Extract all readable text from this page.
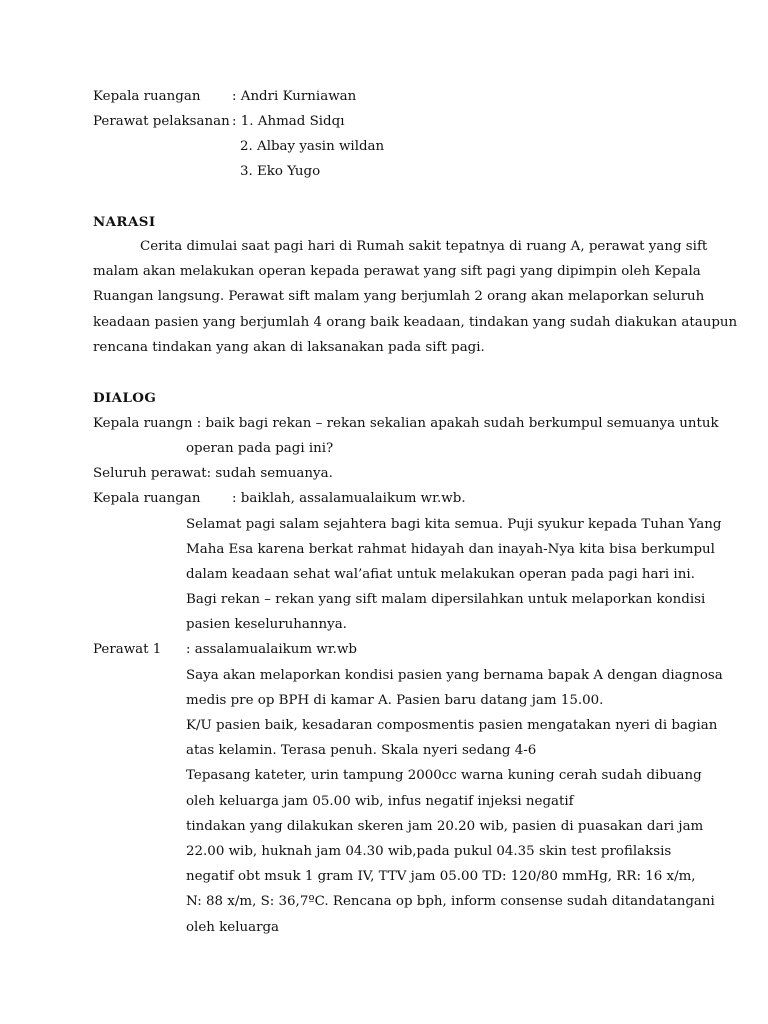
Kepala ruangan : Andri Kurniawan
Perawat pelaksanan : 1. Ahmad Sidqı
2. Albay yasin wildan
3. Eko Yugo
NARASI
Cerita dimulai saat pagi hari di Rumah sakit tepatnya di ruang A, perawat yang sift
malam akan melakukan operan kepada perawat yang sift pagi yang dipimpin oleh Kepala
Ruangan langsung. Perawat sift malam yang berjumlah 2 orang akan melaporkan seluruh
keadaan pasien yang berjumlah 4 orang baik keadaan, tindakan yang sudah diakukan ataupun
rencana tindakan yang akan di laksanakan pada sift pagi.
DIALOG
Kepala ruangn : baik bagi rekan – rekan sekalian apakah sudah berkumpul semuanya untuk
operan pada pagi ini?
Seluruh perawat: sudah semuanya.
Kepala ruangan : baiklah, assalamualaikum wr.wb.
Selamat pagi salam sejahtera bagi kita semua. Puji syukur kepada Tuhan Yang
Maha Esa karena berkat rahmat hidayah dan inayah-Nya kita bisa berkumpul
dalam keadaan sehat wal’afiat untuk melakukan operan pada pagi hari ini.
Bagi rekan – rekan yang sift malam dipersilahkan untuk melaporkan kondisi
pasien keseluruhannya.
Perawat 1 : assalamualaikum wr.wb
Saya akan melaporkan kondisi pasien yang bernama bapak A dengan diagnosa
medis pre op BPH di kamar A. Pasien baru datang jam 15.00.
K/U pasien baik, kesadaran composmentis pasien mengatakan nyeri di bagian
atas kelamin. Terasa penuh. Skala nyeri sedang 4-6
Tepasang kateter, urin tampung 2000cc warna kuning cerah sudah dibuang
oleh keluarga jam 05.00 wib, infus negatif injeksi negatif
tindakan yang dilakukan skeren jam 20.20 wib, pasien di puasakan dari jam
22.00 wib, huknah jam 04.30 wib,pada pukul 04.35 skin test profilaksis
negatif obt msuk 1 gram IV, TTV jam 05.00 TD: 120/80 mmHg, RR: 16 x/m,
N: 88 x/m, S: 36,7ºC. Rencana op bph, inform consense sudah ditandatangani
oleh keluarga
